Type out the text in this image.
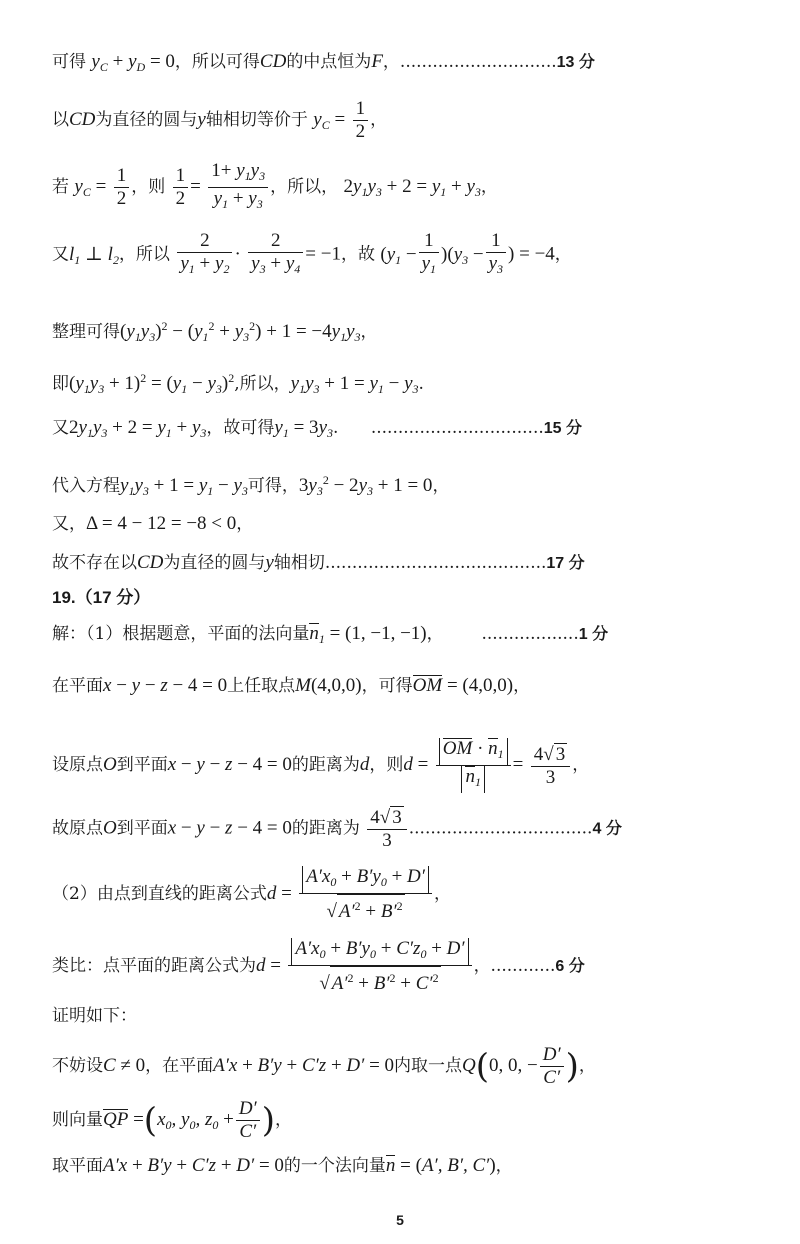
可得 $y_C + y_D = 0$，所以可得CD的中点恒为F，.............................13 分
以CD为直径的圆与y轴相切等价于 $y_C = \frac{1}{2}$ ，
若 $y_C = \frac{1}{2}$ ，则 $\frac{1}{2} = \frac{1+ y_1y_3}{y_1 + y_3}$ ，所以， $2y_1y_3 + 2 = y_1 + y_3$，
又$l_1$ ⊥ $l_2$，所以 $\frac{2}{y_1 + y_2} \cdot \frac{2}{y_3 + y_4} = -1$，故 $(y_1 - \frac{1}{y_1} )(y_3 - \frac{1}{y_3}$ ) = −4，
整理可得$(y_1y_3)^2 - (y_1^2 + y_3^2) + 1 = -4y_1y_3$，
即$(y_1y_3 + 1)^2 = (y_1 - y_3)^2$,所以，$y_1y_3 + 1 = y_1 - y_3$.
又$2y_1y_3 + 2 = y_1 + y_3$，故可得$y_1 = 3y_3$.      ................................15 分
代入方程$y_1y_3 + 1 = y_1 - y_3$可得，$3y_3^2 - 2y_3 + 1 = 0$，
又，Δ = 4 − 12 = −8 < 0，
故不存在以CD为直径的圆与y轴相切.........................................17 分
19.（17 分）
解：（1）根据题意，平面的法向量$n_1 = (1$, −1, −1)，       ..................1 分
在平面x − y − z − 4 = 0上任取点M(4,0,0)，可得OM = (4,0,0)，
设原点O到平面x − y − z − 4 = 0的距离为d，则$d = \frac{OM \cdot n_1}{n_1} = \frac{4√ 3}{3}$ ，
故原点O到平面x − y − z − 4 = 0的距离为 $\frac{4√ 3}{3} ..................................4$ 分
（2）由点到直线的距离公式$d = \frac{A'x_0 + B'y_0 + D'}{√ A'^2 + B'^2}$ ，
类比：点平面的距离公式为$d = \frac{A'x_0 + B'y_0 + C'z_0 + D'}{√ A'^2 + B'^2 + C'^2}$ ，............6 分
证明如下：
不妨设C ≠ 0，在平面A′x + B′y + C′z + D′ = 0内取一点Q(0, 0, − $\frac{D'}{C'}$ )，
则向量QP $=(x_0$, $y_0$, $z_0 + \frac{D'}{C'}$ )，
取平面A′x + B′y + C′z + D′ = 0的一个法向量n = (A′, B′, C′)，
5
